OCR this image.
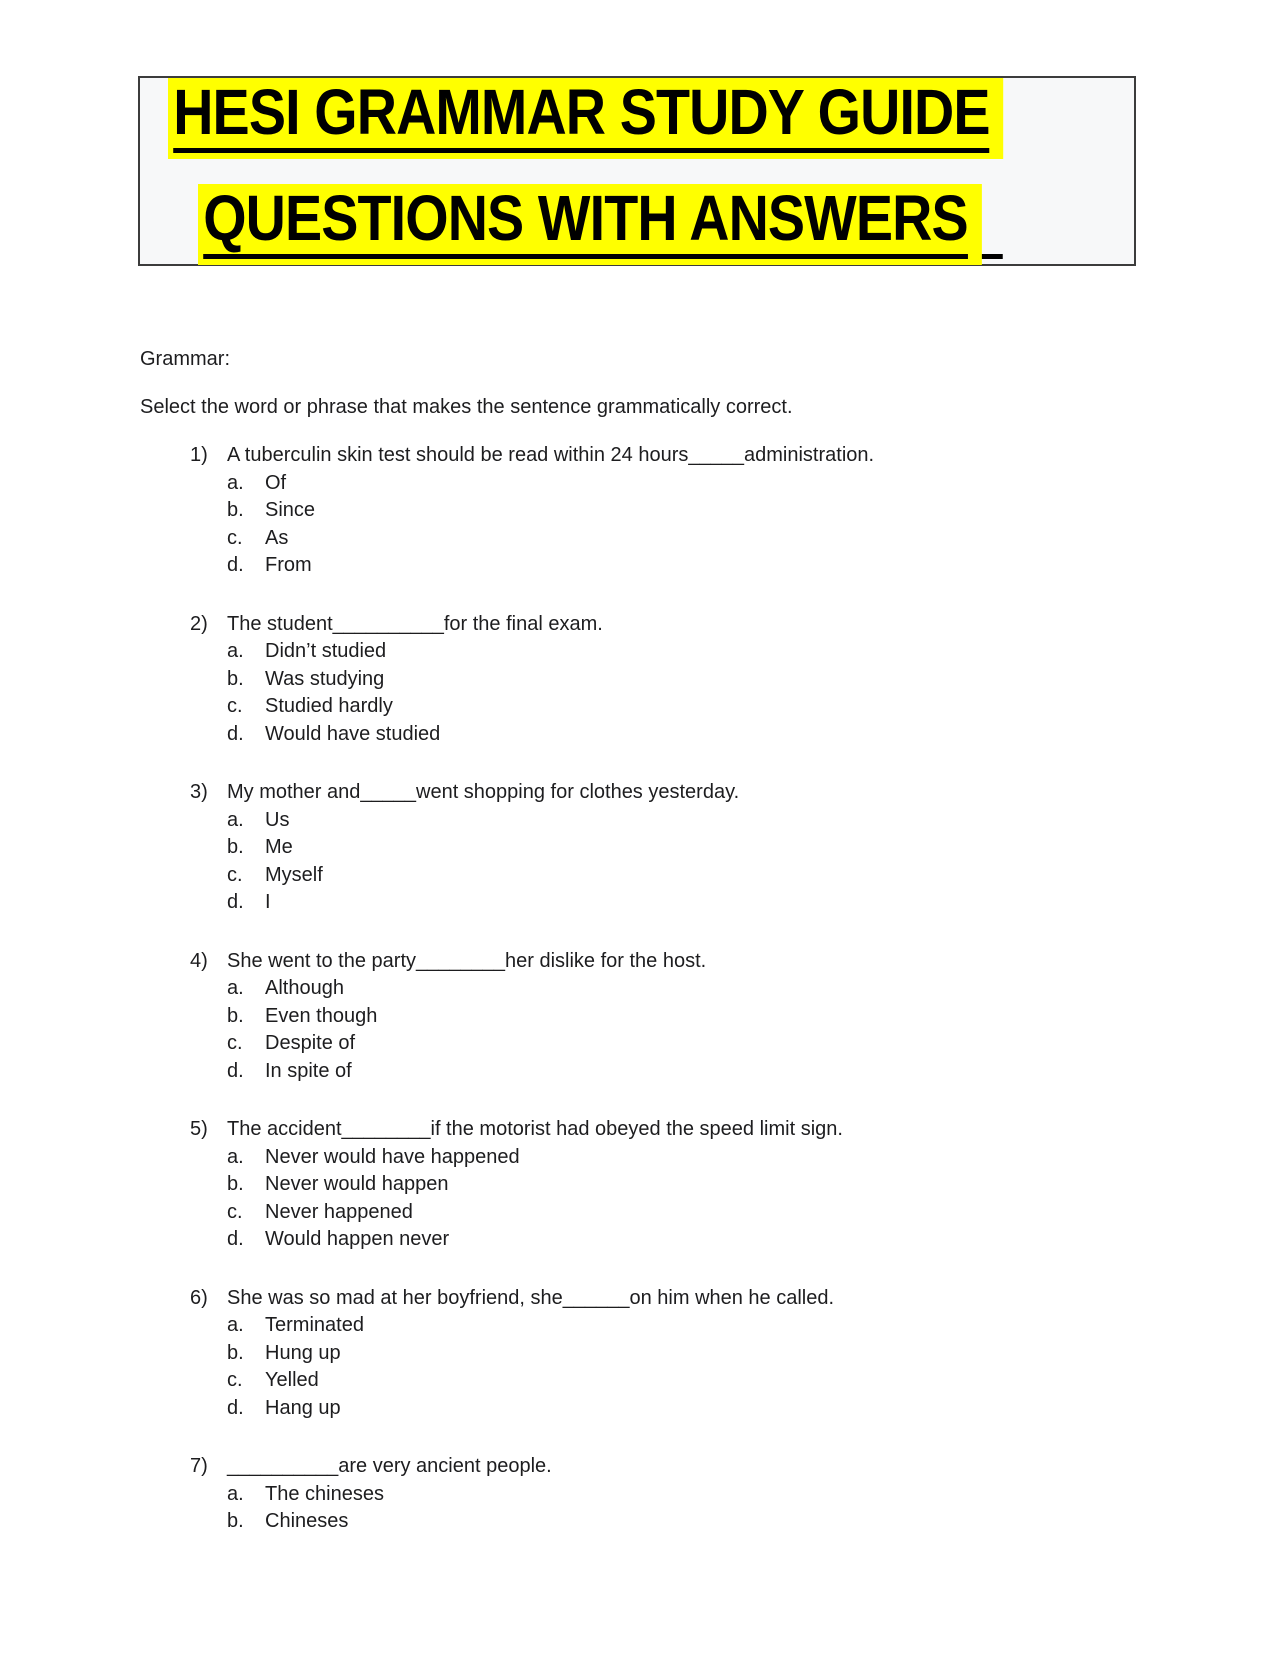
HESI GRAMMAR STUDY GUIDE
QUESTIONS WITH ANSWERS

Grammar:

Select the word or phrase that makes the sentence grammatically correct.

1) A tuberculin skin test should be read within 24 hours_____administration.
a.	Of
b.	Since
c.	As
d.	From
2) The student__________for the final exam.
a.	Didn’t studied
b.	Was studying
c.	Studied hardly
d.	Would have studied
3) My mother and_____went shopping for clothes yesterday.
a.	Us
b.	Me
c.	Myself
d.	I
4) She went to the party________her dislike for the host.
a.	Although
b.	Even though
c.	Despite of
d.	In spite of
5) The accident________if the motorist had obeyed the speed limit sign.
a.	Never would have happened
b.	Never would happen
c.	Never happened
d.	Would happen never
6) She was so mad at her boyfriend, she______on him when he called.
a.	Terminated
b.	Hung up
c.	Yelled
d.	Hang up
7) __________are very ancient people.
a.	The chineses
b.	Chineses
